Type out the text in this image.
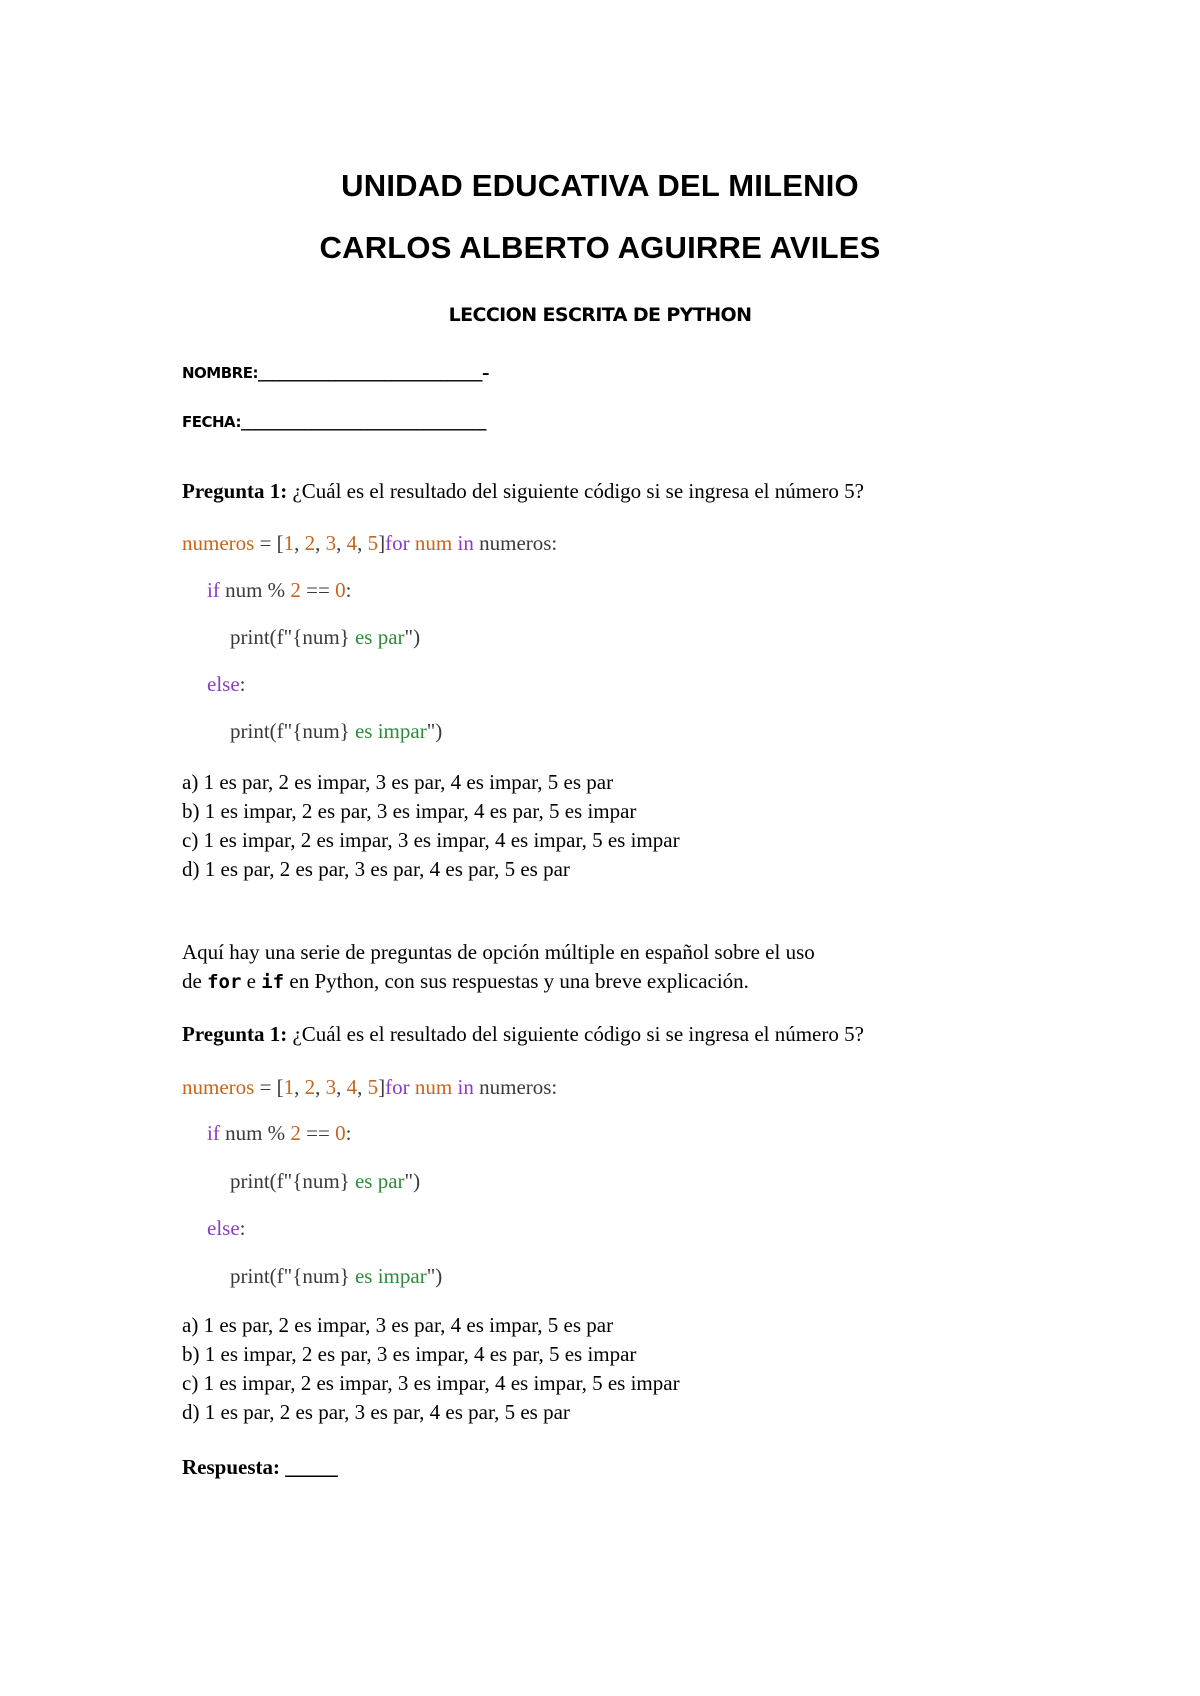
UNIDAD EDUCATIVA DEL MILENIO
CARLOS ALBERTO AGUIRRE AVILES
LECCION ESCRITA DE PYTHON
NOMBRE:________________________________–
FECHA:___________________________________
Pregunta 1: ¿Cuál es el resultado del siguiente código si se ingresa el número 5?
numeros = [1, 2, 3, 4, 5]for num in numeros:
if num % 2 == 0:
print(f"{num} es par")
else:
print(f"{num} es impar")
a) 1 es par, 2 es impar, 3 es par, 4 es impar, 5 es par
b) 1 es impar, 2 es par, 3 es impar, 4 es par, 5 es impar
c) 1 es impar, 2 es impar, 3 es impar, 4 es impar, 5 es impar
d) 1 es par, 2 es par, 3 es par, 4 es par, 5 es par
Aquí hay una serie de preguntas de opción múltiple en español sobre el uso
de for e if en Python, con sus respuestas y una breve explicación.
Pregunta 1: ¿Cuál es el resultado del siguiente código si se ingresa el número 5?
numeros = [1, 2, 3, 4, 5]for num in numeros:
if num % 2 == 0:
print(f"{num} es par")
else:
print(f"{num} es impar")
a) 1 es par, 2 es impar, 3 es par, 4 es impar, 5 es par
b) 1 es impar, 2 es par, 3 es impar, 4 es par, 5 es impar
c) 1 es impar, 2 es impar, 3 es impar, 4 es impar, 5 es impar
d) 1 es par, 2 es par, 3 es par, 4 es par, 5 es par
Respuesta: _____
